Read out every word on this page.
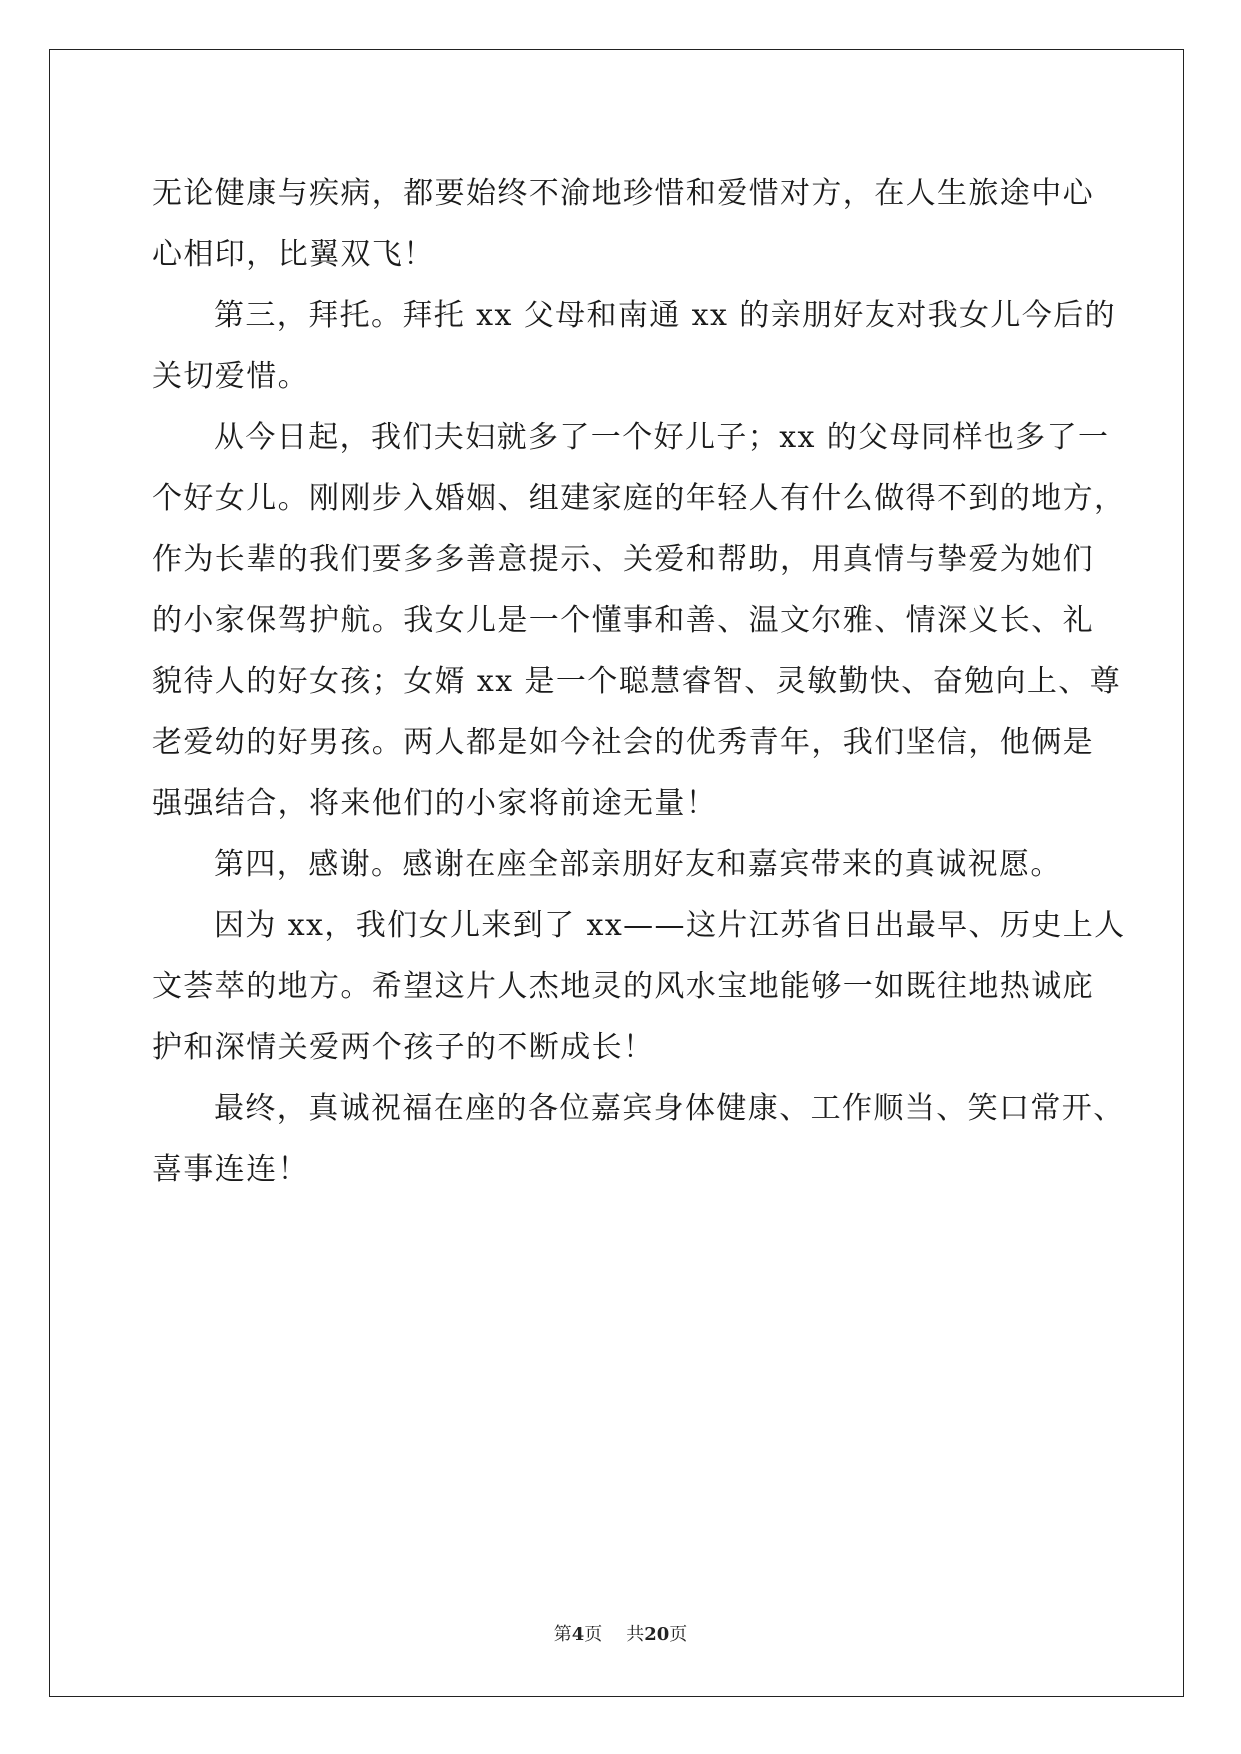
无论健康与疾病，都要始终不渝地珍惜和爱惜对方，在人生旅途中心

心相印，比翼双飞！

第三，拜托。拜托 xx 父母和南通 xx 的亲朋好友对我女儿今后的

关切爱惜。

从今日起，我们夫妇就多了一个好儿子；xx 的父母同样也多了一

个好女儿。刚刚步入婚姻、组建家庭的年轻人有什么做得不到的地方，

作为长辈的我们要多多善意提示、关爱和帮助，用真情与挚爱为她们

的小家保驾护航。我女儿是一个懂事和善、温文尔雅、情深义长、礼

貌待人的好女孩；女婿 xx 是一个聪慧睿智、灵敏勤快、奋勉向上、尊

老爱幼的好男孩。两人都是如今社会的优秀青年，我们坚信，他俩是

强强结合，将来他们的小家将前途无量！

第四，感谢。感谢在座全部亲朋好友和嘉宾带来的真诚祝愿。

因为 xx，我们女儿来到了 xx——这片江苏省日出最早、历史上人

文荟萃的地方。希望这片人杰地灵的风水宝地能够一如既往地热诚庇

护和深情关爱两个孩子的不断成长！

最终，真诚祝福在座的各位嘉宾身体健康、工作顺当、笑口常开、

喜事连连！

第4页 共20页
